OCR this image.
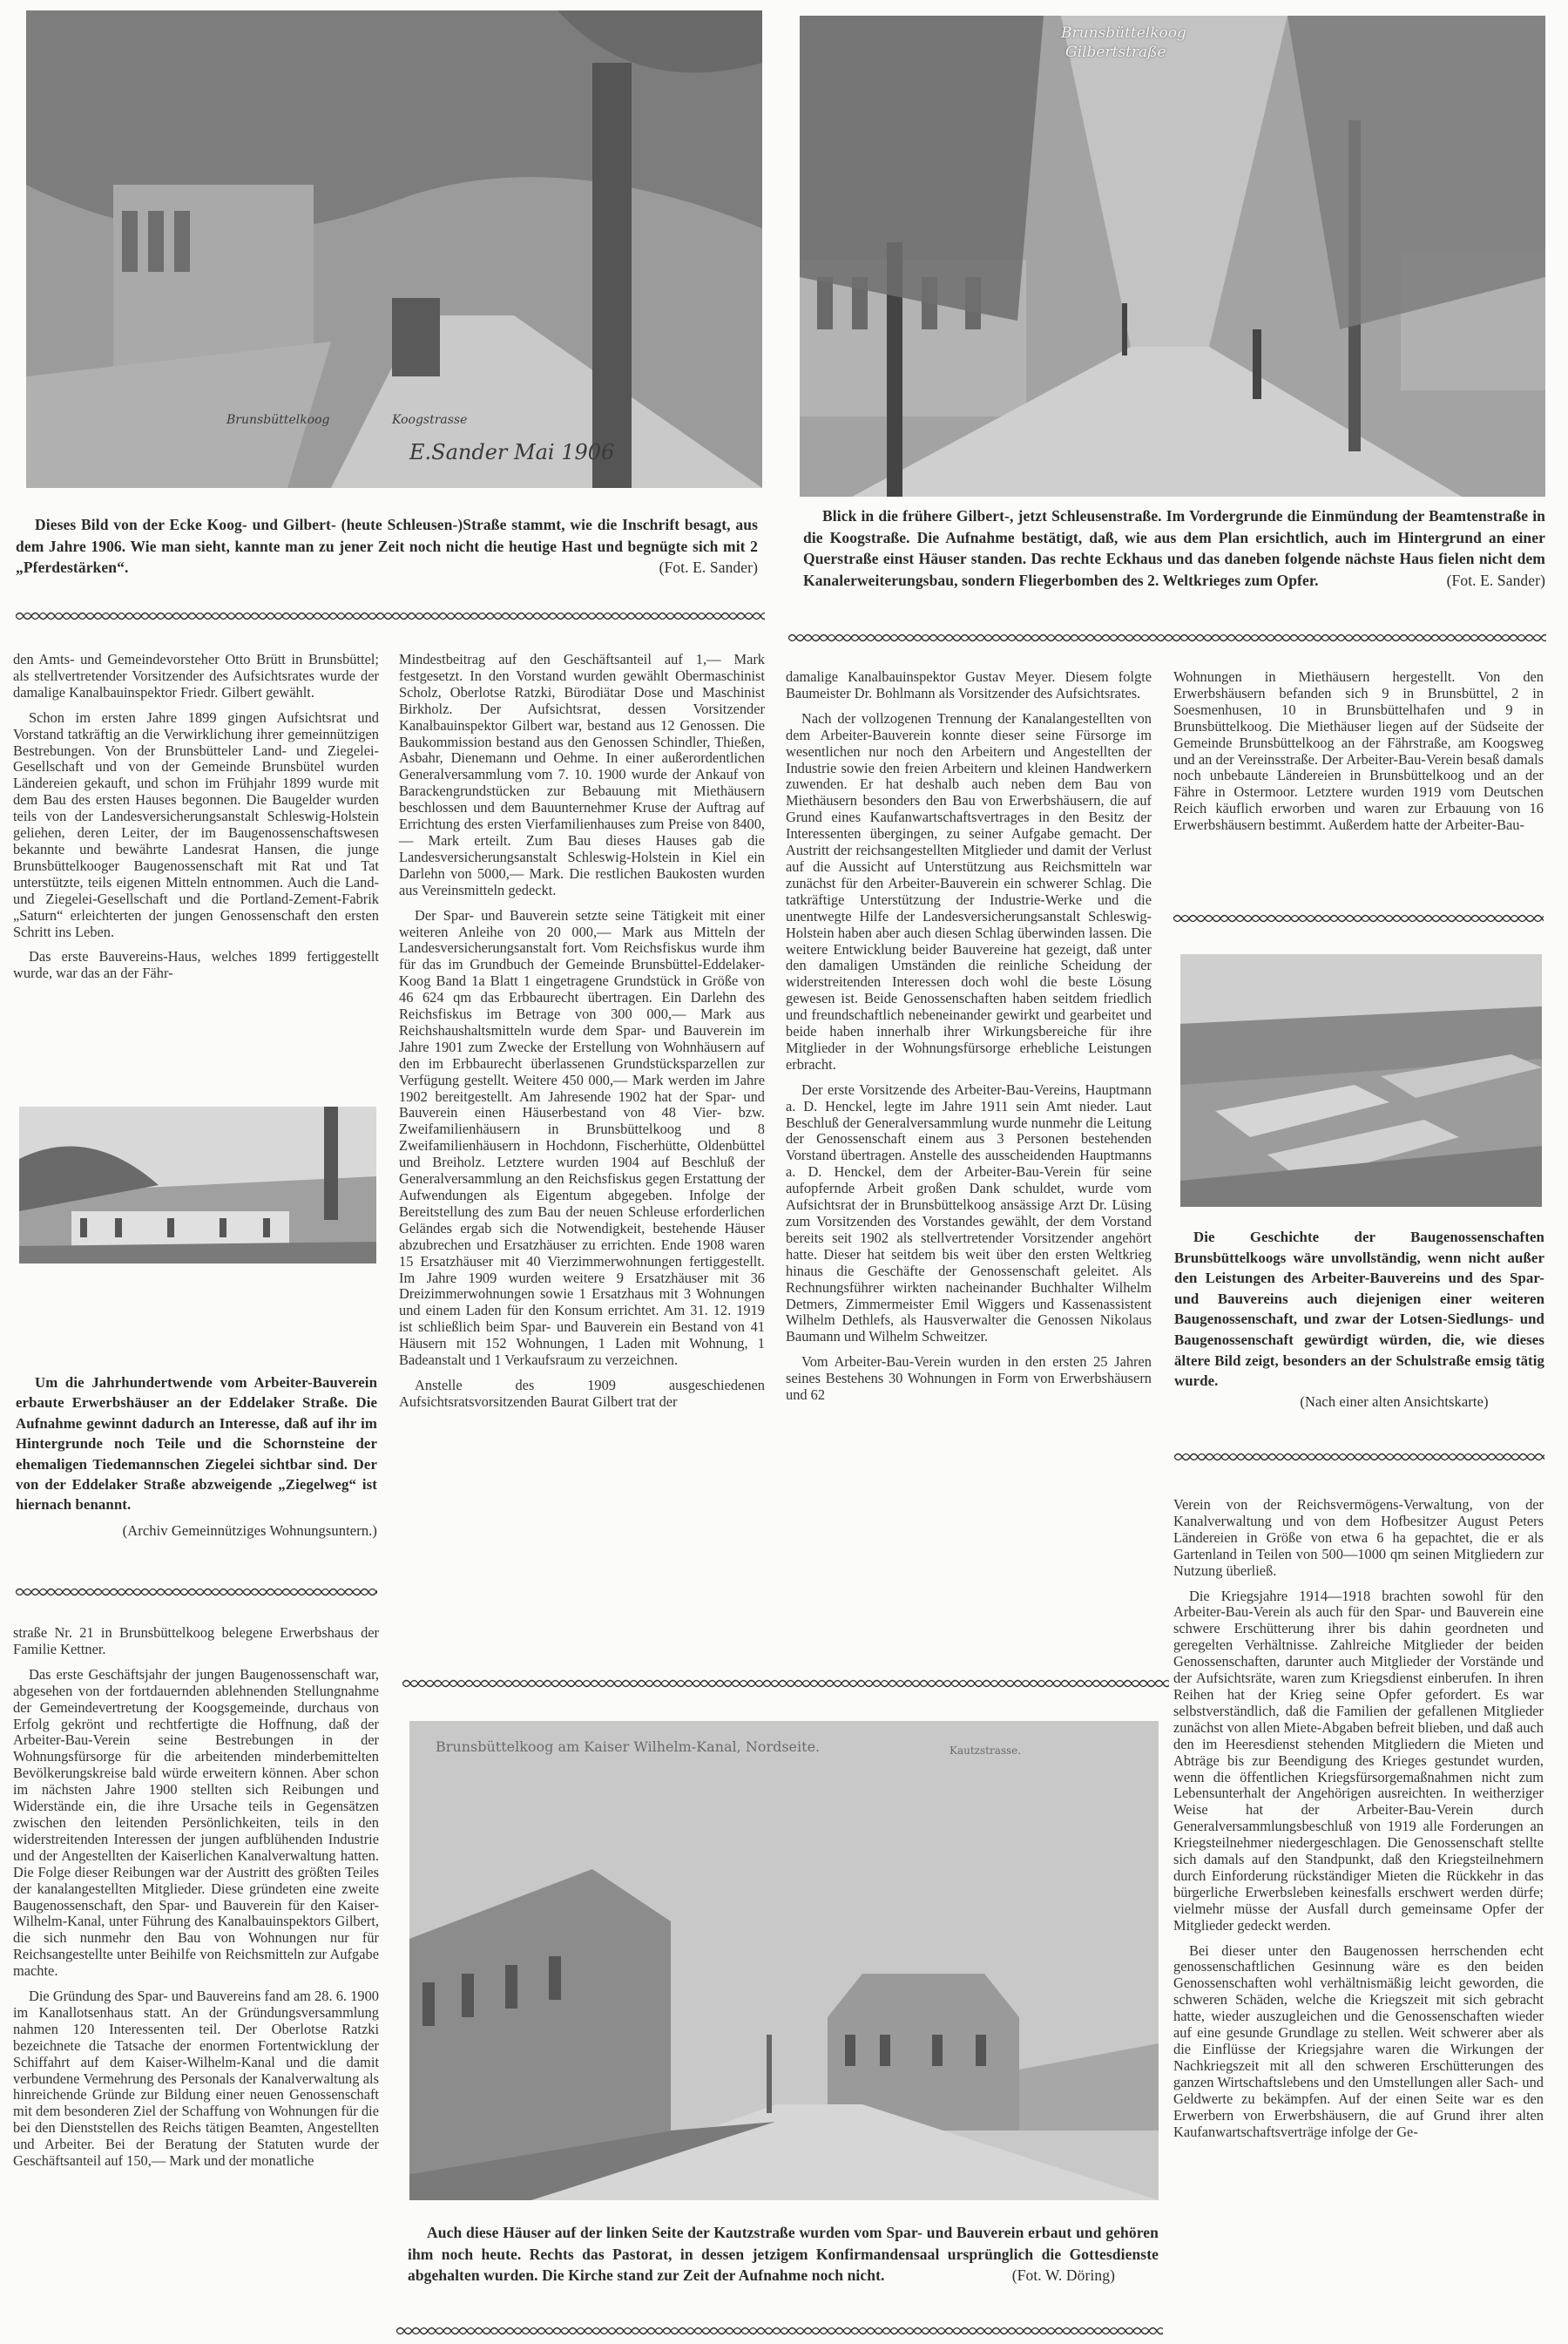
Brunsbüttelkoog	Koogstrasse
E.Sander Mai 1906

Dieses Bild von der Ecke Koog- und Gilbert- (heute Schleusen-)Straße stammt, wie die Inschrift besagt, aus dem Jahre 1906. Wie man sieht, kannte man zu jener Zeit noch nicht die heutige Hast und begnügte sich mit 2 „Pferdestärken“.	(Fot. E. Sander)

Brunsbüttelkoog
Gilbertstraße

Blick in die frühere Gilbert-, jetzt Schleusenstraße. Im Vordergrunde die Einmündung der Beamtenstraße in die Koogstraße. Die Aufnahme bestätigt, daß, wie aus dem Plan ersichtlich, auch im Hintergrund an einer Querstraße einst Häuser standen. Das rechte Eckhaus und das daneben folgende nächste Haus fielen nicht dem Kanalerweiterungsbau, sondern Fliegerbomben des 2. Weltkrieges zum Opfer.	(Fot. E. Sander)

den Amts- und Gemeindevorsteher Otto Brütt in Brunsbüttel; als stellvertretender Vorsitzender des Aufsichtsrates wurde der damalige Kanalbauinspektor Friedr. Gilbert gewählt.

Schon im ersten Jahre 1899 gingen Aufsichtsrat und Vorstand tatkräftig an die Verwirklichung ihrer gemeinnützigen Bestrebungen. Von der Brunsbütteler Land- und Ziegelei-Gesellschaft und von der Gemeinde Brunsbütel wurden Ländereien gekauft, und schon im Frühjahr 1899 wurde mit dem Bau des ersten Hauses begonnen. Die Baugelder wurden teils von der Landesversicherungsanstalt Schleswig-Holstein geliehen, deren Leiter, der im Baugenossenschaftswesen bekannte und bewährte Landesrat Hansen, die junge Brunsbüttelkooger Baugenossenschaft mit Rat und Tat unterstützte, teils eigenen Mitteln entnommen. Auch die Land- und Ziegelei-Gesellschaft und die Portland-Zement-Fabrik „Saturn“ erleichterten der jungen Genossenschaft den ersten Schritt ins Leben.

Das erste Bauvereins-Haus, welches 1899 fertiggestellt wurde, war das an der Fähr-

Um die Jahrhundertwende vom Arbeiter-Bauverein erbaute Erwerbshäuser an der Eddelaker Straße. Die Aufnahme gewinnt dadurch an Interesse, daß auf ihr im Hintergrunde noch Teile und die Schornsteine der ehemaligen Tiedemannschen Ziegelei sichtbar sind. Der von der Eddelaker Straße abzweigende „Ziegelweg“ ist hiernach benannt.

(Archiv Gemeinnütziges Wohnungsuntern.)

straße Nr. 21 in Brunsbüttelkoog belegene Erwerbshaus der Familie Kettner.

Das erste Geschäftsjahr der jungen Baugenossenschaft war, abgesehen von der fortdauernden ablehnenden Stellungnahme der Gemeindevertretung der Koogsgemeinde, durchaus von Erfolg gekrönt und rechtfertigte die Hoffnung, daß der Arbeiter-Bau-Verein seine Bestrebungen in der Wohnungsfürsorge für die arbeitenden minderbemittelten Bevölkerungskreise bald würde erweitern können. Aber schon im nächsten Jahre 1900 stellten sich Reibungen und Widerstände ein, die ihre Ursache teils in Gegensätzen zwischen den leitenden Persönlichkeiten, teils in den widerstreitenden Interessen der jungen aufblühenden Industrie und der Angestellten der Kaiserlichen Kanalverwaltung hatten. Die Folge dieser Reibungen war der Austritt des größten Teiles der kanalangestellten Mitglieder. Diese gründeten eine zweite Baugenossenschaft, den Spar- und Bauverein für den Kaiser-Wilhelm-Kanal, unter Führung des Kanalbauinspektors Gilbert, die sich nunmehr den Bau von Wohnungen nur für Reichsangestellte unter Beihilfe von Reichsmitteln zur Aufgabe machte.

Die Gründung des Spar- und Bauvereins fand am 28. 6. 1900 im Kanallotsenhaus statt. An der Gründungsversammlung nahmen 120 Interessenten teil. Der Oberlotse Ratzki bezeichnete die Tatsache der enormen Fortentwicklung der Schiffahrt auf dem Kaiser-Wilhelm-Kanal und die damit verbundene Vermehrung des Personals der Kanalverwaltung als hinreichende Gründe zur Bildung einer neuen Genossenschaft mit dem besonderen Ziel der Schaffung von Wohnungen für die bei den Dienststellen des Reichs tätigen Beamten, Angestellten und Arbeiter. Bei der Beratung der Statuten wurde der Geschäftsanteil auf 150,— Mark und der monatliche

Mindestbeitrag auf den Geschäftsanteil auf 1,— Mark festgesetzt. In den Vorstand wurden gewählt Obermaschinist Scholz, Oberlotse Ratzki, Bürodiätar Dose und Maschinist Birkholz. Der Aufsichtsrat, dessen Vorsitzender Kanalbauinspektor Gilbert war, bestand aus 12 Genossen. Die Baukommission bestand aus den Genossen Schindler, Thießen, Asbahr, Dienemann und Oehme. In einer außerordentlichen Generalversammlung vom 7. 10. 1900 wurde der Ankauf von Barackengrundstücken zur Bebauung mit Miethäusern beschlossen und dem Bauunternehmer Kruse der Auftrag auf Errichtung des ersten Vierfamilienhauses zum Preise von 8400,— Mark erteilt. Zum Bau dieses Hauses gab die Landesversicherungsanstalt Schleswig-Holstein in Kiel ein Darlehn von 5000,— Mark. Die restlichen Baukosten wurden aus Vereinsmitteln gedeckt.

Der Spar- und Bauverein setzte seine Tätigkeit mit einer weiteren Anleihe von 20 000,— Mark aus Mitteln der Landesversicherungsanstalt fort. Vom Reichsfiskus wurde ihm für das im Grundbuch der Gemeinde Brunsbüttel-Eddelaker-Koog Band 1a Blatt 1 eingetragene Grundstück in Größe von 46 624 qm das Erbbaurecht übertragen. Ein Darlehn des Reichsfiskus im Betrage von 300 000,— Mark aus Reichshaushaltsmitteln wurde dem Spar- und Bauverein im Jahre 1901 zum Zwecke der Erstellung von Wohnhäusern auf den im Erbbaurecht überlassenen Grundstücksparzellen zur Verfügung gestellt. Weitere 450 000,— Mark werden im Jahre 1902 bereitgestellt. Am Jahresende 1902 hat der Spar- und Bauverein einen Häuserbestand von 48 Vier- bzw. Zweifamilienhäusern in Brunsbüttelkoog und 8 Zweifamilienhäusern in Hochdonn, Fischerhütte, Oldenbüttel und Breiholz. Letztere wurden 1904 auf Beschluß der Generalversammlung an den Reichsfiskus gegen Erstattung der Aufwendungen als Eigentum abgegeben. Infolge der Bereitstellung des zum Bau der neuen Schleuse erforderlichen Geländes ergab sich die Notwendigkeit, bestehende Häuser abzubrechen und Ersatzhäuser zu errichten. Ende 1908 waren 15 Ersatzhäuser mit 40 Vierzimmerwohnungen fertiggestellt. Im Jahre 1909 wurden weitere 9 Ersatzhäuser mit 36 Dreizimmerwohnungen sowie 1 Ersatzhaus mit 3 Wohnungen und einem Laden für den Konsum errichtet. Am 31. 12. 1919 ist schließlich beim Spar- und Bauverein ein Bestand von 41 Häusern mit 152 Wohnungen, 1 Laden mit Wohnung, 1 Badeanstalt und 1 Verkaufsraum zu verzeichnen.

Anstelle des 1909 ausgeschiedenen Aufsichtsratsvorsitzenden Baurat Gilbert trat der

damalige Kanalbauinspektor Gustav Meyer. Diesem folgte Baumeister Dr. Bohlmann als Vorsitzender des Aufsichtsrates.

Nach der vollzogenen Trennung der Kanalangestellten von dem Arbeiter-Bauverein konnte dieser seine Fürsorge im wesentlichen nur noch den Arbeitern und Angestellten der Industrie sowie den freien Arbeitern und kleinen Handwerkern zuwenden. Er hat deshalb auch neben dem Bau von Miethäusern besonders den Bau von Erwerbshäusern, die auf Grund eines Kaufanwartschaftsvertrages in den Besitz der Interessenten übergingen, zu seiner Aufgabe gemacht. Der Austritt der reichsangestellten Mitglieder und damit der Verlust auf die Aussicht auf Unterstützung aus Reichsmitteln war zunächst für den Arbeiter-Bauverein ein schwerer Schlag. Die tatkräftige Unterstützung der Industrie-Werke und die unentwegte Hilfe der Landesversicherungsanstalt Schleswig-Holstein haben aber auch diesen Schlag überwinden lassen. Die weitere Entwicklung beider Bauvereine hat gezeigt, daß unter den damaligen Umständen die reinliche Scheidung der widerstreitenden Interessen doch wohl die beste Lösung gewesen ist. Beide Genossenschaften haben seitdem friedlich und freundschaftlich nebeneinander gewirkt und gearbeitet und beide haben innerhalb ihrer Wirkungsbereiche für ihre Mitglieder in der Wohnungsfürsorge erhebliche Leistungen erbracht.

Der erste Vorsitzende des Arbeiter-Bau-Vereins, Hauptmann a. D. Henckel, legte im Jahre 1911 sein Amt nieder. Laut Beschluß der Generalversammlung wurde nunmehr die Leitung der Genossenschaft einem aus 3 Personen bestehenden Vorstand übertragen. Anstelle des ausscheidenden Hauptmanns a. D. Henckel, dem der Arbeiter-Bau-Verein für seine aufopfernde Arbeit großen Dank schuldet, wurde vom Aufsichtsrat der in Brunsbüttelkoog ansässige Arzt Dr. Lüsing zum Vorsitzenden des Vorstandes gewählt, der dem Vorstand bereits seit 1902 als stellvertretender Vorsitzender angehört hatte. Dieser hat seitdem bis weit über den ersten Weltkrieg hinaus die Geschäfte der Genossenschaft geleitet. Als Rechnungsführer wirkten nacheinander Buchhalter Wilhelm Detmers, Zimmermeister Emil Wiggers und Kassenassistent Wilhelm Dethlefs, als Hausverwalter die Genossen Nikolaus Baumann und Wilhelm Schweitzer.

Vom Arbeiter-Bau-Verein wurden in den ersten 25 Jahren seines Bestehens 30 Wohnungen in Form von Erwerbshäusern und 62

Wohnungen in Miethäusern hergestellt. Von den Erwerbshäusern befanden sich 9 in Brunsbüttel, 2 in Soesmenhusen, 10 in Brunsbüttelhafen und 9 in Brunsbüttelkoog. Die Miethäuser liegen auf der Südseite der Gemeinde Brunsbüttelkoog an der Fährstraße, am Koogsweg und an der Vereinsstraße. Der Arbeiter-Bau-Verein besaß damals noch unbebaute Ländereien in Brunsbüttelkoog und an der Fähre in Ostermoor. Letztere wurden 1919 vom Deutschen Reich käuflich erworben und waren zur Erbauung von 16 Erwerbshäusern bestimmt. Außerdem hatte der Arbeiter-Bau-

Die Geschichte der Baugenossenschaften Brunsbüttelkoogs wäre unvollständig, wenn nicht außer den Leistungen des Arbeiter-Bauvereins und des Spar- und Bauvereins auch diejenigen einer weiteren Baugenossenschaft, und zwar der Lotsen-Siedlungs- und Baugenossenschaft gewürdigt würden, die, wie dieses ältere Bild zeigt, besonders an der Schulstraße emsig tätig wurde.

(Nach einer alten Ansichtskarte)

Verein von der Reichsvermögens-Verwaltung, von der Kanalverwaltung und von dem Hofbesitzer August Peters Ländereien in Größe von etwa 6 ha gepachtet, die er als Gartenland in Teilen von 500—1000 qm seinen Mitgliedern zur Nutzung überließ.

Die Kriegsjahre 1914—1918 brachten sowohl für den Arbeiter-Bau-Verein als auch für den Spar- und Bauverein eine schwere Erschütterung ihrer bis dahin geordneten und geregelten Verhältnisse. Zahlreiche Mitglieder der beiden Genossenschaften, darunter auch Mitglieder der Vorstände und der Aufsichtsräte, waren zum Kriegsdienst einberufen. In ihren Reihen hat der Krieg seine Opfer gefordert. Es war selbstverständlich, daß die Familien der gefallenen Mitglieder zunächst von allen Miete-Abgaben befreit blieben, und daß auch den im Heeresdienst stehenden Mitgliedern die Mieten und Abträge bis zur Beendigung des Krieges gestundet wurden, wenn die öffentlichen Kriegsfürsorgemaßnahmen nicht zum Lebensunterhalt der Angehörigen ausreichten. In weitherziger Weise hat der Arbeiter-Bau-Verein durch Generalversammlungsbeschluß von 1919 alle Forderungen an Kriegsteilnehmer niedergeschlagen. Die Genossenschaft stellte sich damals auf den Standpunkt, daß den Kriegsteilnehmern durch Einforderung rückständiger Mieten die Rückkehr in das bürgerliche Erwerbsleben keinesfalls erschwert werden dürfe; vielmehr müsse der Ausfall durch gemeinsame Opfer der Mitglieder gedeckt werden.

Bei dieser unter den Baugenossen herrschenden echt genossenschaftlichen Gesinnung wäre es den beiden Genossenschaften wohl verhältnismäßig leicht geworden, die schweren Schäden, welche die Kriegszeit mit sich gebracht hatte, wieder auszugleichen und die Genossenschaften wieder auf eine gesunde Grundlage zu stellen. Weit schwerer aber als die Einflüsse der Kriegsjahre waren die Wirkungen der Nachkriegszeit mit all den schweren Erschütterungen des ganzen Wirtschaftslebens und den Umstellungen aller Sach- und Geldwerte zu bekämpfen. Auf der einen Seite war es den Erwerbern von Erwerbshäusern, die auf Grund ihrer alten Kaufanwartschaftsverträge infolge der Ge-

Brunsbüttelkoog am Kaiser Wilhelm-Kanal, Nordseite.	Kautzstrasse.

Auch diese Häuser auf der linken Seite der Kautzstraße wurden vom Spar- und Bauverein erbaut und gehören ihm noch heute. Rechts das Pastorat, in dessen jetzigem Konfirmandensaal ursprünglich die Gottesdienste abgehalten wurden. Die Kirche stand zur Zeit der Aufnahme noch nicht.	(Fot. W. Döring)
